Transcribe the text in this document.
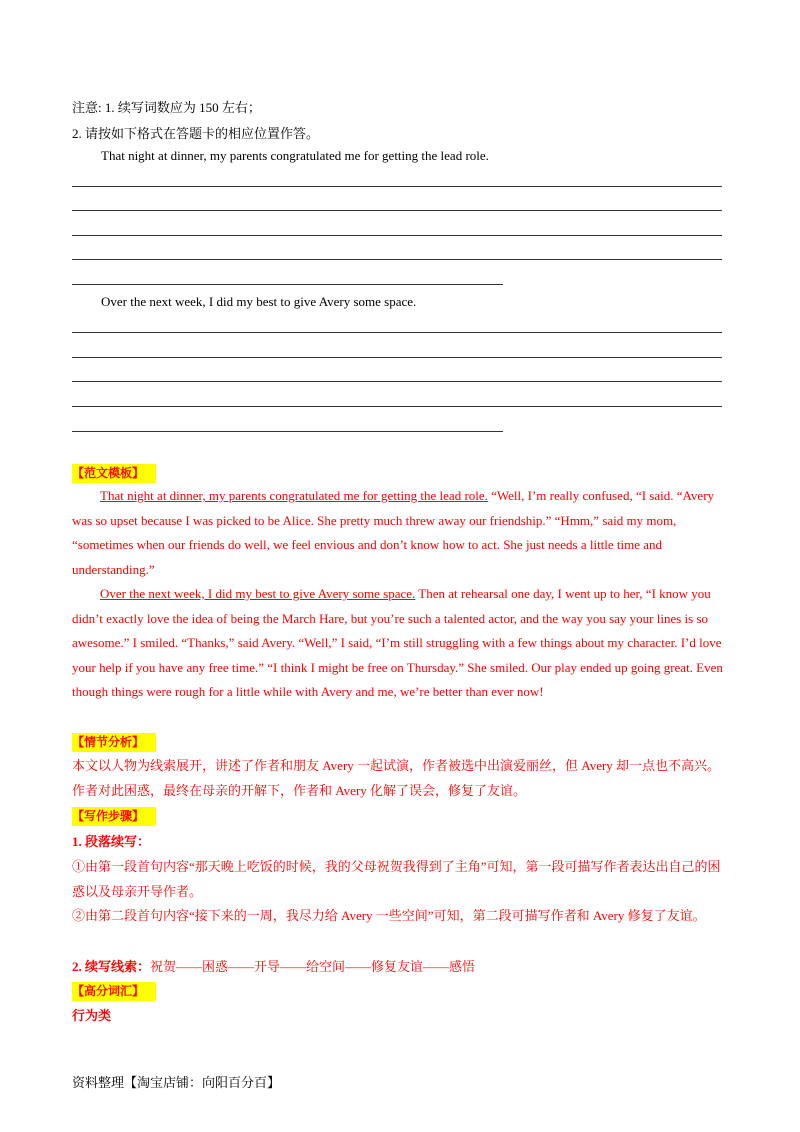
注意: 1. 续写词数应为 150 左右；
2. 请按如下格式在答题卡的相应位置作答。
That night at dinner, my parents congratulated me for getting the lead role.
Over the next week, I did my best to give Avery some space.
【范文模板】
That night at dinner, my parents congratulated me for getting the lead role. “Well, I’m really confused, “I said. “Avery was so upset because I was picked to be Alice. She pretty much threw away our friendship.” “Hmm,” said my mom, “sometimes when our friends do well, we feel envious and don’t know how to act. She just needs a little time and understanding.”
Over the next week, I did my best to give Avery some space. Then at rehearsal one day, I went up to her, “I know you didn’t exactly love the idea of being the March Hare, but you’re such a talented actor, and the way you say your lines is so awesome.” I smiled. “Thanks,” said Avery. “Well,” I said, “I’m still struggling with a few things about my character. I’d love your help if you have any free time.” “I think I might be free on Thursday.” She smiled. Our play ended up going great. Even though things were rough for a little while with Avery and me, we’re better than ever now!
【情节分析】
本文以人物为线索展开，讲述了作者和朋友 Avery 一起试演，作者被选中出演爱丽丝，但 Avery 却一点也不高兴。作者对此困惑，最终在母亲的开解下，作者和 Avery 化解了误会，修复了友谊。
【写作步骤】
1. 段落续写：
①由第一段首句内容“那天晚上吃饭的时候，我的父母祝贺我得到了主角”可知，第一段可描写作者表达出自己的困惑以及母亲开导作者。
②由第二段首句内容“接下来的一周，我尽力给 Avery 一些空间”可知，第二段可描写作者和 Avery 修复了友谊。
2. 续写线索：祝贺——困惑——开导——给空间——修复友谊——感悟
【高分词汇】
行为类
资料整理【淘宝店铺：向阳百分百】
